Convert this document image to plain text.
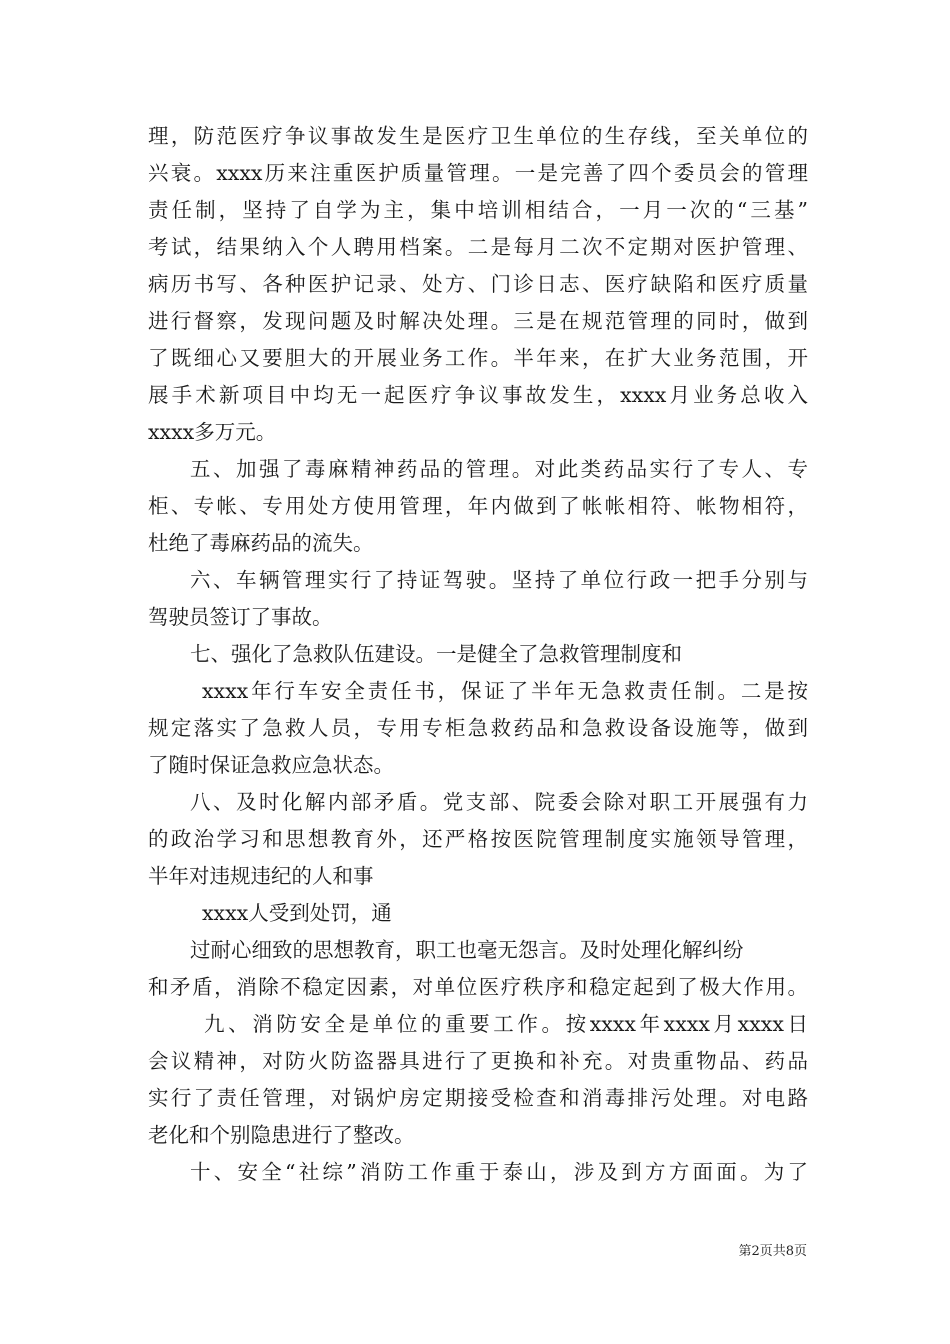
理，防范医疗争议事故发生是医疗卫生单位的生存线，至关单位的
兴衰。xxxx历来注重医护质量管理。一是完善了四个委员会的管理
责任制，坚持了自学为主，集中培训相结合，一月一次的“三基”
考试，结果纳入个人聘用档案。二是每月二次不定期对医护管理、
病历书写、各种医护记录、处方、门诊日志、医疗缺陷和医疗质量
进行督察，发现问题及时解决处理。三是在规范管理的同时，做到
了既细心又要胆大的开展业务工作。半年来，在扩大业务范围，开
展手术新项目中均无一起医疗争议事故发生，xxxx月业务总收入
xxxx多万元。
五、加强了毒麻精神药品的管理。对此类药品实行了专人、专
柜、专帐、专用处方使用管理，年内做到了帐帐相符、帐物相符，
杜绝了毒麻药品的流失。
六、车辆管理实行了持证驾驶。坚持了单位行政一把手分别与
驾驶员签订了事故。
七、强化了急救队伍建设。一是健全了急救管理制度和
xxxx年行车安全责任书，保证了半年无急救责任制。二是按
规定落实了急救人员，专用专柜急救药品和急救设备设施等，做到
了随时保证急救应急状态。
八、及时化解内部矛盾。党支部、院委会除对职工开展强有力
的政治学习和思想教育外，还严格按医院管理制度实施领导管理，
半年对违规违纪的人和事
xxxx人受到处罚，通
过耐心细致的思想教育，职工也毫无怨言。及时处理化解纠纷
和矛盾，消除不稳定因素，对单位医疗秩序和稳定起到了极大作用。
九、消防安全是单位的重要工作。按xxxx年xxxx月xxxx日
会议精神，对防火防盗器具进行了更换和补充。对贵重物品、药品
实行了责任管理，对锅炉房定期接受检查和消毒排污处理。对电路
老化和个别隐患进行了整改。
十、安全“社综”消防工作重于泰山，涉及到方方面面。为了
第2页共8页
